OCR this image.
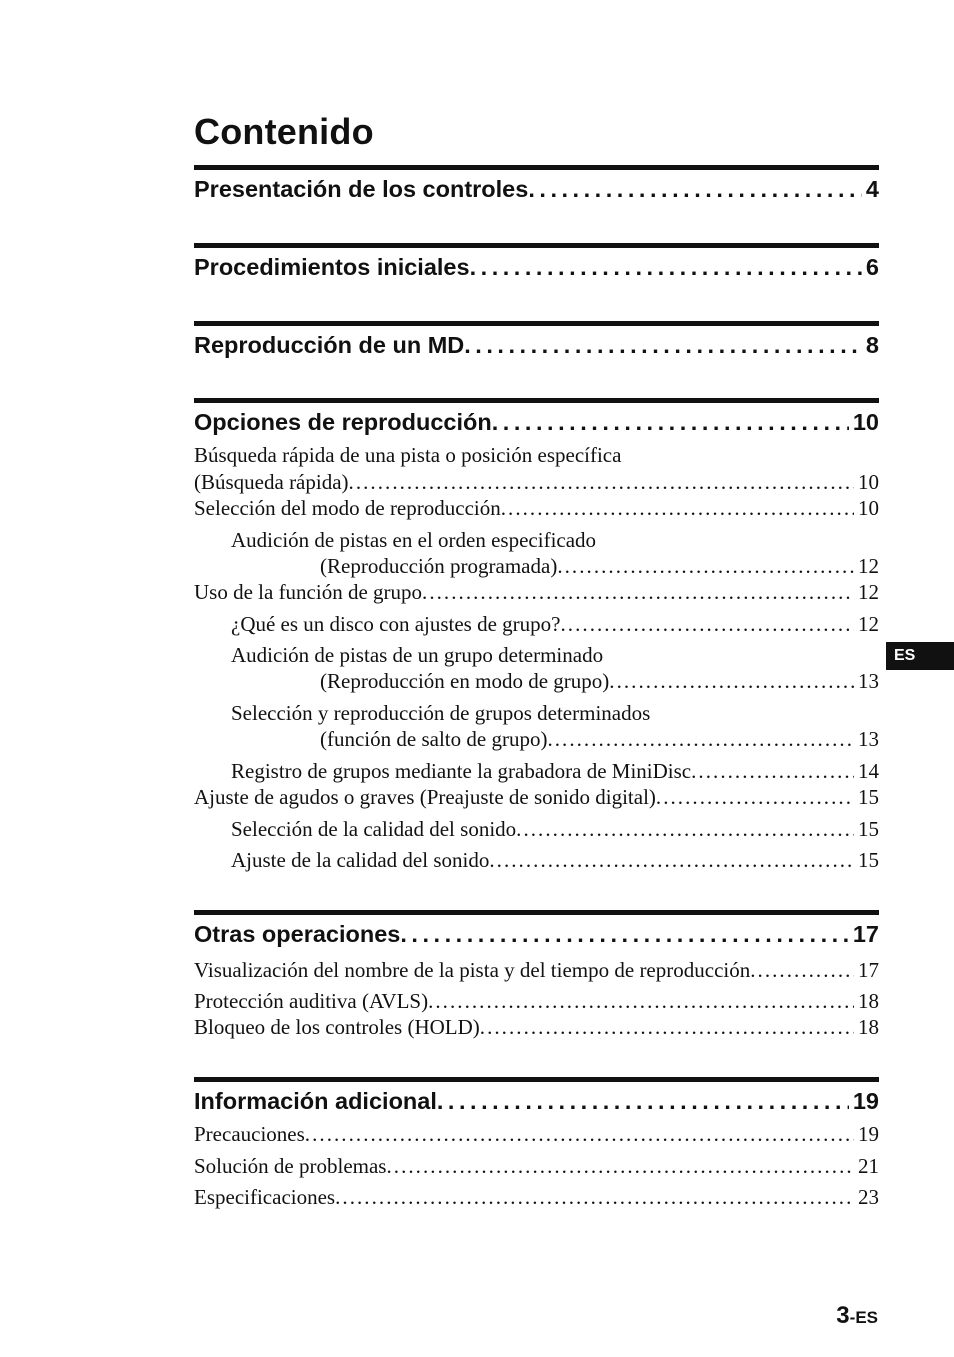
Contenido
Presentación de los controles . . .	4
Procedimientos iniciales . . .	6
Reproducción de un MD . . .	8
Opciones de reproducción . . .	10
Búsqueda rápida de una pista o posición específica
(Búsqueda rápida) . . .	10
Selección del modo de reproducción . . .	10
Audición de pistas en el orden especificado
(Reproducción programada) . . .	12
Uso de la función de grupo . . .	12
¿Qué es un disco con ajustes de grupo? . . .	12
Audición de pistas de un grupo determinado
(Reproducción en modo de grupo) . . .	13
Selección y reproducción de grupos determinados
(función de salto de grupo) . . .	13
Registro de grupos mediante la grabadora de MiniDisc . . .	14
Ajuste de agudos o graves (Preajuste de sonido digital) . . .	15
Selección de la calidad del sonido . . .	15
Ajuste de la calidad del sonido . . .	15
Otras operaciones . . .	17
Visualización del nombre de la pista y del tiempo de reproducción . . .	17
Protección auditiva (AVLS) . . .	18
Bloqueo de los controles (HOLD) . . .	18
Información adicional . . .	19
Precauciones . . .	19
Solución de problemas . . .	21
Especificaciones . . .	23
ES
3-ES
